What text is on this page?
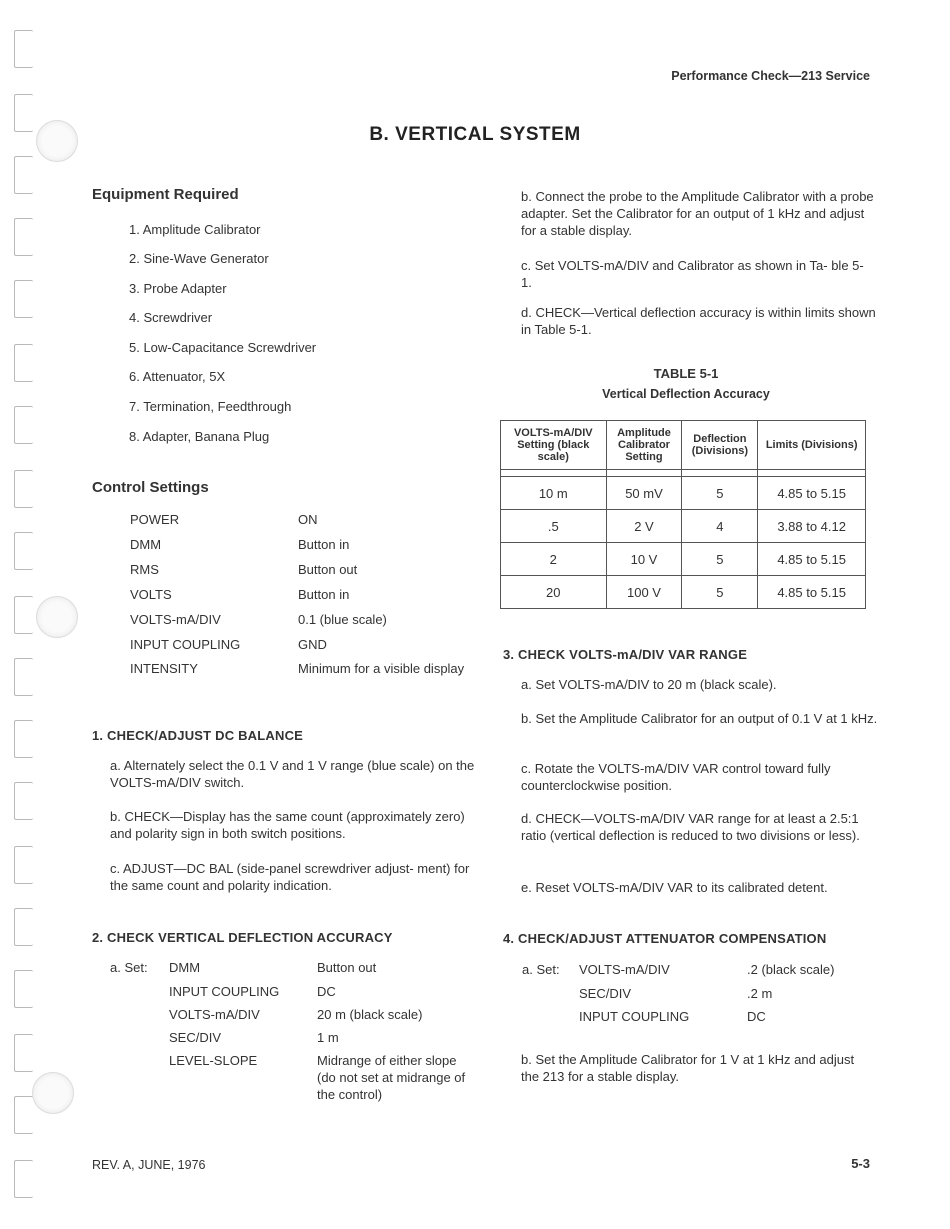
Performance Check—213 Service
B. VERTICAL SYSTEM
Equipment Required
1. Amplitude Calibrator
2. Sine-Wave Generator
3. Probe Adapter
4. Screwdriver
5. Low-Capacitance Screwdriver
6. Attenuator, 5X
7. Termination, Feedthrough
8. Adapter, Banana Plug
Control Settings
POWER	ON
DMM	Button in
RMS	Button out
VOLTS	Button in
VOLTS-mA/DIV	0.1 (blue scale)
INPUT COUPLING	GND
INTENSITY	Minimum for a visible display
1. CHECK/ADJUST DC BALANCE
a. Alternately select the 0.1 V and 1 V range (blue scale) on the VOLTS-mA/DIV switch.
b. CHECK—Display has the same count (approximately zero) and polarity sign in both switch positions.
c. ADJUST—DC BAL (side-panel screwdriver adjust- ment) for the same count and polarity indication.
2. CHECK VERTICAL DEFLECTION ACCURACY
a. Set: DMM	Button out
INPUT COUPLING	DC
VOLTS-mA/DIV	20 m (black scale)
SEC/DIV	1 m
LEVEL-SLOPE	Midrange of either slope (do not set at midrange of the control)
b. Connect the probe to the Amplitude Calibrator with a probe adapter. Set the Calibrator for an output of 1 kHz and adjust for a stable display.
c. Set VOLTS-mA/DIV and Calibrator as shown in Ta- ble 5-1.
d. CHECK—Vertical deflection accuracy is within limits shown in Table 5-1.
TABLE 5-1
Vertical Deflection Accuracy
VOLTS-mA/DIV Setting (black scale)	Amplitude Calibrator Setting	Deflection (Divisions)	Limits (Divisions)

10 m	50 mV	5	4.85 to 5.15
.5	2 V	4	3.88 to 4.12
2	10 V	5	4.85 to 5.15
20	100 V	5	4.85 to 5.15
3. CHECK VOLTS-mA/DIV VAR RANGE
a. Set VOLTS-mA/DIV to 20 m (black scale).
b. Set the Amplitude Calibrator for an output of 0.1 V at 1 kHz.
c. Rotate the VOLTS-mA/DIV VAR control toward fully counterclockwise position.
d. CHECK—VOLTS-mA/DIV VAR range for at least a 2.5:1 ratio (vertical deflection is reduced to two divisions or less).
e. Reset VOLTS-mA/DIV VAR to its calibrated detent.
4. CHECK/ADJUST ATTENUATOR COMPENSATION
a. Set: VOLTS-mA/DIV	.2 (black scale)
SEC/DIV	.2 m
INPUT COUPLING	DC
b. Set the Amplitude Calibrator for 1 V at 1 kHz and adjust the 213 for a stable display.
REV. A, JUNE, 1976	5-3
